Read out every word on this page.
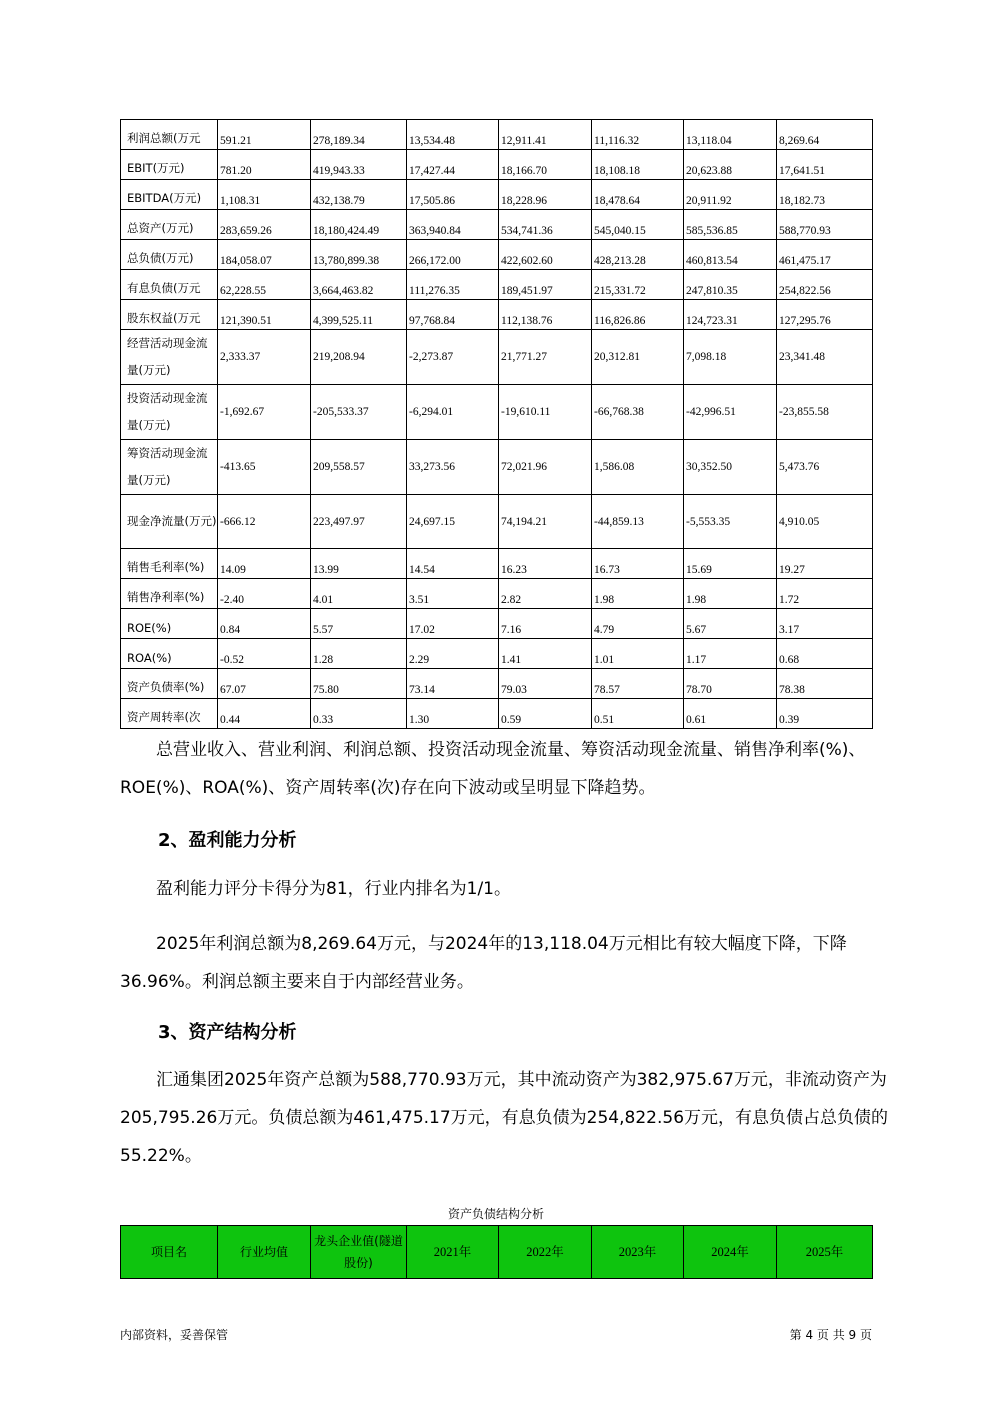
利润总额(万元	591.21	278,189.34	13,534.48	12,911.41	11,116.32	13,118.04	8,269.64
EBIT(万元)	781.20	419,943.33	17,427.44	18,166.70	18,108.18	20,623.88	17,641.51
EBITDA(万元)	1,108.31	432,138.79	17,505.86	18,228.96	18,478.64	20,911.92	18,182.73
总资产(万元)	283,659.26	18,180,424.49	363,940.84	534,741.36	545,040.15	585,536.85	588,770.93
总负债(万元)	184,058.07	13,780,899.38	266,172.00	422,602.60	428,213.28	460,813.54	461,475.17
有息负债(万元	62,228.55	3,664,463.82	111,276.35	189,451.97	215,331.72	247,810.35	254,822.56
股东权益(万元	121,390.51	4,399,525.11	97,768.84	112,138.76	116,826.86	124,723.31	127,295.76
经营活动现金流量(万元)	2,333.37	219,208.94	-2,273.87	21,771.27	20,312.81	7,098.18	23,341.48
投资活动现金流量(万元)	-1,692.67	-205,533.37	-6,294.01	-19,610.11	-66,768.38	-42,996.51	-23,855.58
筹资活动现金流量(万元)	-413.65	209,558.57	33,273.56	72,021.96	1,586.08	30,352.50	5,473.76
现金净流量(万元)	-666.12	223,497.97	24,697.15	74,194.21	-44,859.13	-5,553.35	4,910.05
销售毛利率(%)	14.09	13.99	14.54	16.23	16.73	15.69	19.27
销售净利率(%)	-2.40	4.01	3.51	2.82	1.98	1.98	1.72
ROE(%)	0.84	5.57	17.02	7.16	4.79	5.67	3.17
ROA(%)	-0.52	1.28	2.29	1.41	1.01	1.17	0.68
资产负债率(%)	67.07	75.80	73.14	79.03	78.57	78.70	78.38
资产周转率(次	0.44	0.33	1.30	0.59	0.51	0.61	0.39
总营业收入、营业利润、利润总额、投资活动现金流量、筹资活动现金流量、销售净利率(%)、ROE(%)、ROA(%)、资产周转率(次)存在向下波动或呈明显下降趋势。
2、盈利能力分析
盈利能力评分卡得分为81，行业内排名为1/1。
2025年利润总额为8,269.64万元，与2024年的13,118.04万元相比有较大幅度下降，下降36.96%。利润总额主要来自于内部经营业务。
3、资产结构分析
汇通集团2025年资产总额为588,770.93万元，其中流动资产为382,975.67万元，非流动资产为205,795.26万元。负债总额为461,475.17万元，有息负债为254,822.56万元，有息负债占总负债的55.22%。
资产负债结构分析
项目名	行业均值	龙头企业值(隧道股份)	2021年	2022年	2023年	2024年	2025年
内部资料，妥善保管	第 4 页 共 9 页
